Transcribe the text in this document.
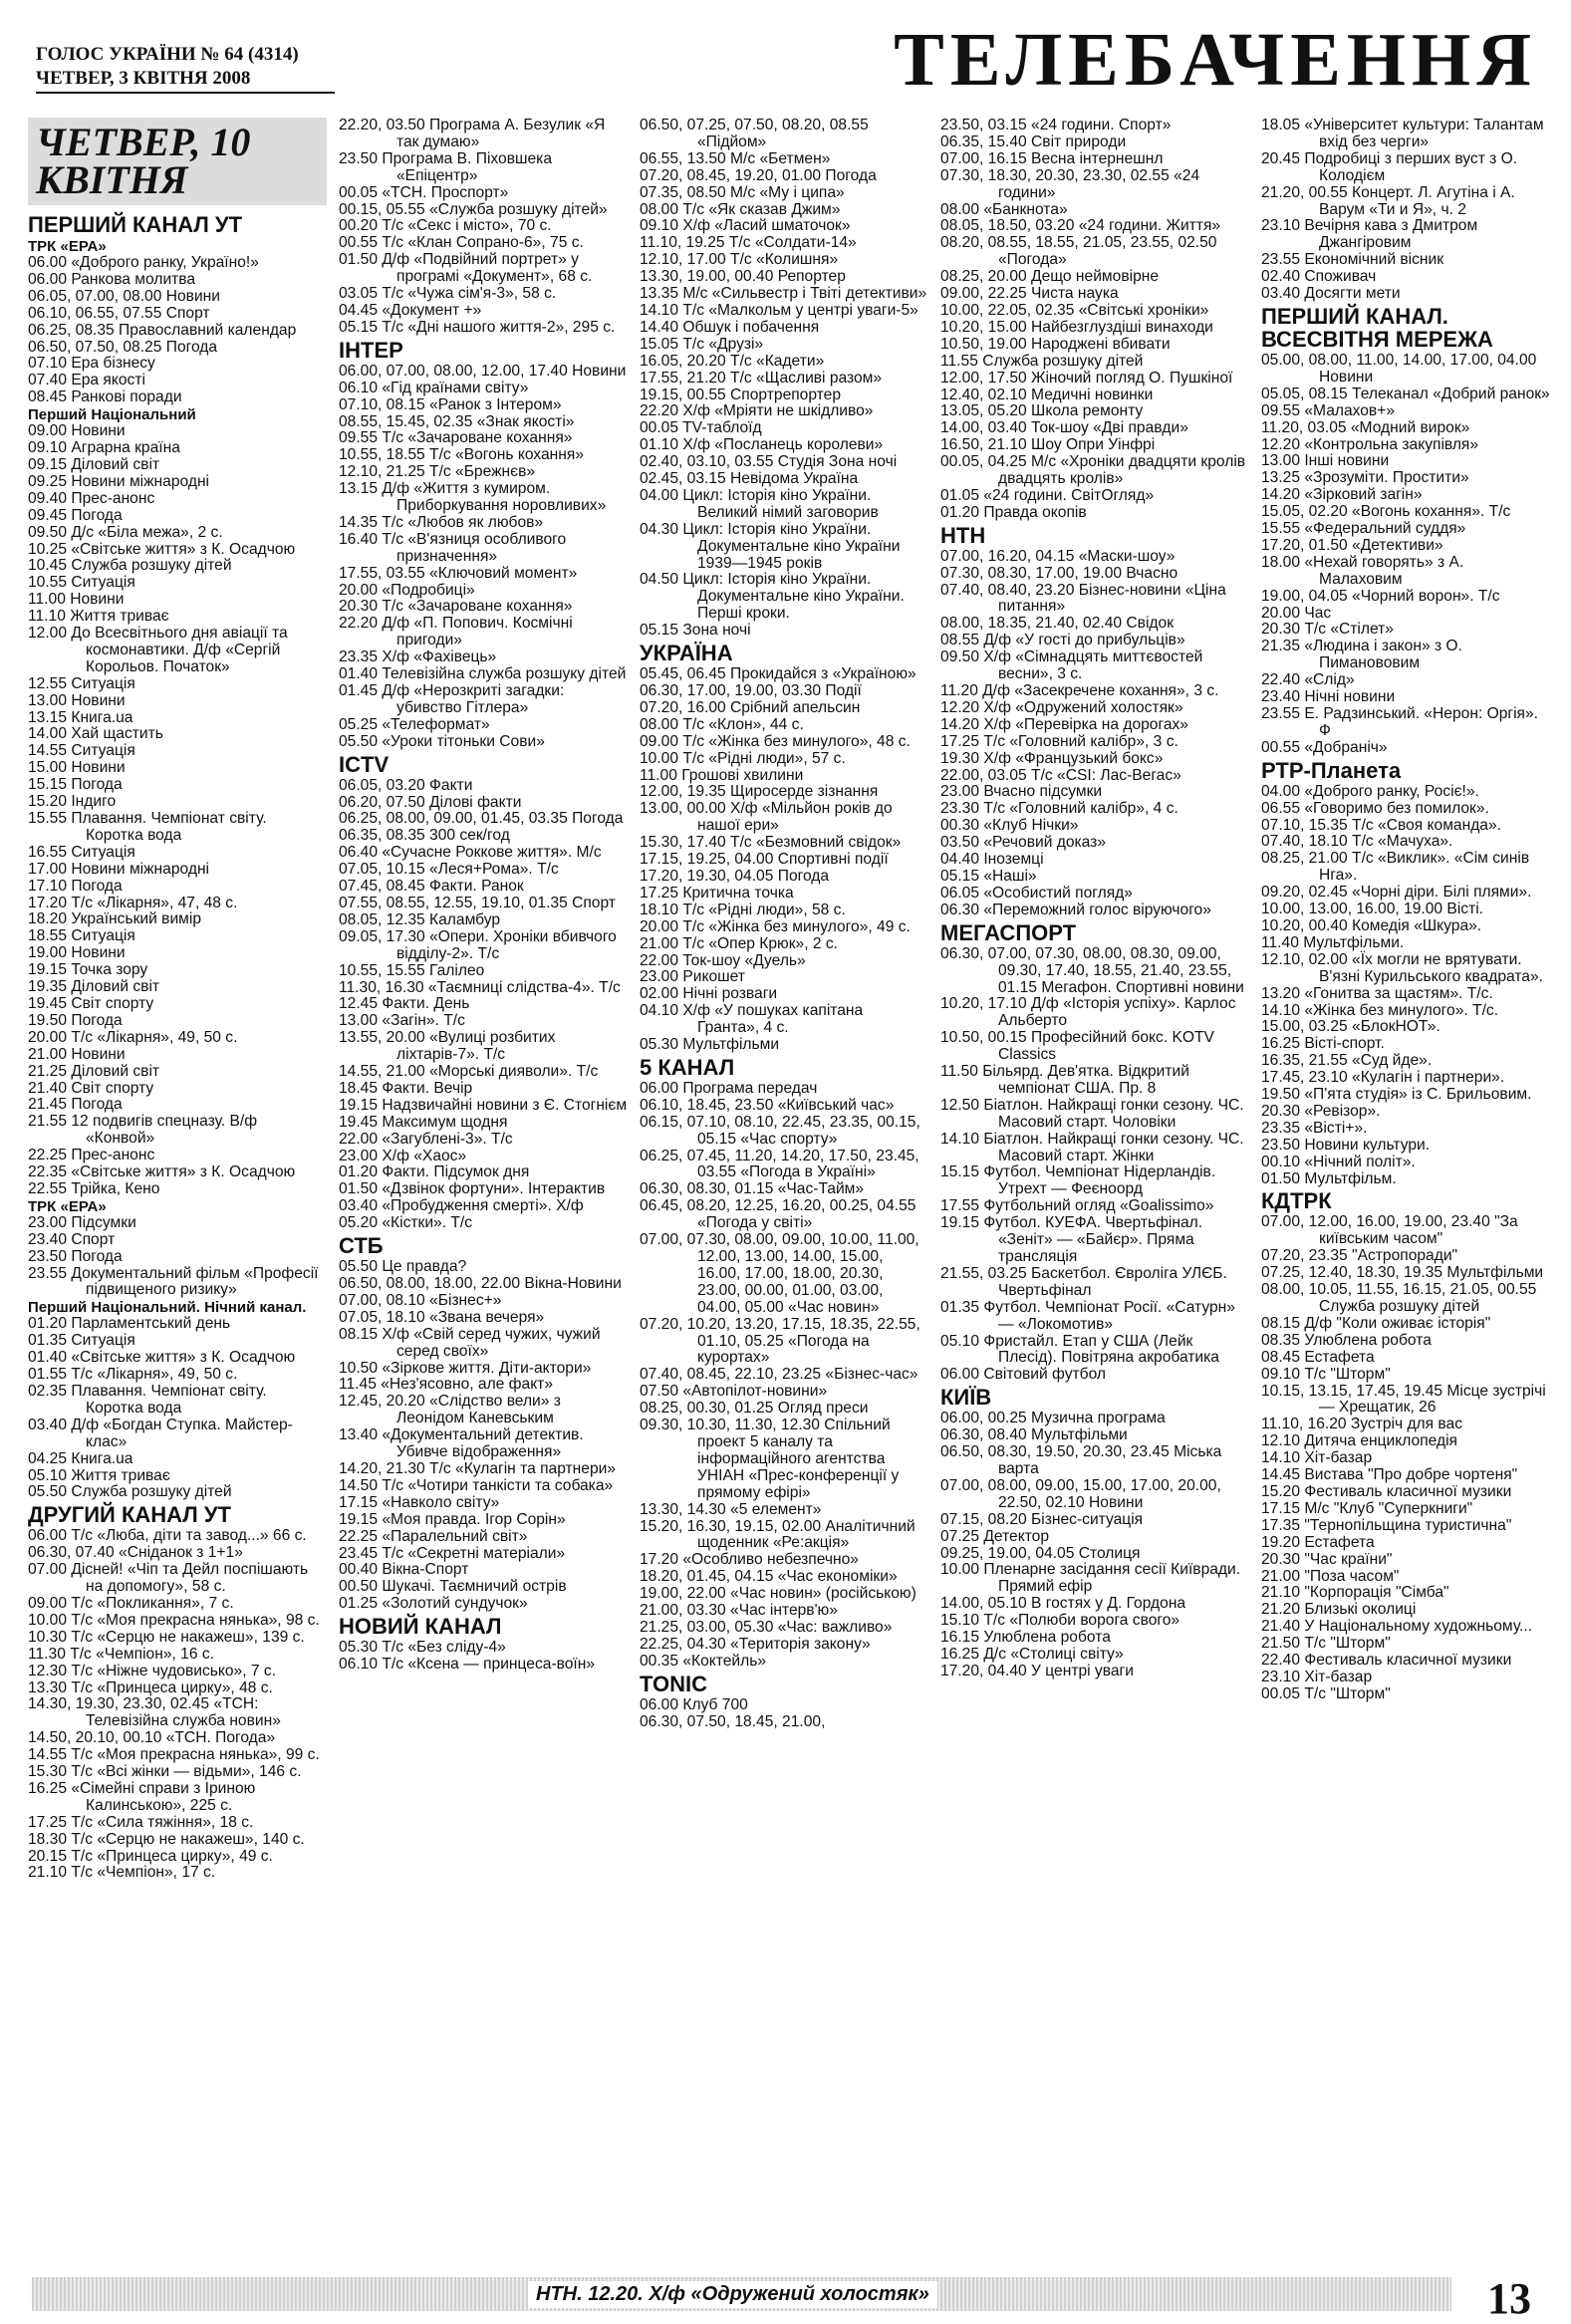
ГОЛОС УКРАЇНИ № 64 (4314)
ЧЕТВЕР, 3 КВІТНЯ 2008	ТЕЛЕБАЧЕННЯ
ЧЕТВЕР, 10 КВІТНЯ
ПЕРШИЙ КАНАЛ УТ
ТРК «ЕРА»
06.00 «Доброго ранку, Україно!»
06.00 Ранкова молитва
06.05, 07.00, 08.00 Новини
06.10, 06.55, 07.55 Спорт
06.25, 08.35 Православний календар
06.50, 07.50, 08.25 Погода
07.10 Ера бізнесу
07.40 Ера якості
08.45 Ранкові поради
Перший Національний
09.00 Новини
09.10 Аграрна країна
09.15 Діловий світ
09.25 Новини міжнародні
09.40 Прес-анонс
09.45 Погода
09.50 Д/с «Біла межа», 2 с.
10.25 «Світське життя» з К. Осадчою
10.45 Служба розшуку дітей
10.55 Ситуація
11.00 Новини
11.10 Життя триває
12.00 До Всесвітнього дня авіації та космонавтики. Д/ф «Сергій Корольов. Початок»
12.55 Ситуація
13.00 Новини
13.15 Книга.ua
14.00 Хай щастить
14.55 Ситуація
15.00 Новини
15.15 Погода
15.20 Індиго
15.55 Плавання. Чемпіонат світу. Коротка вода
16.55 Ситуація
17.00 Новини міжнародні
17.10 Погода
17.20 Т/с «Лікарня», 47, 48 с.
18.20 Український вимір
18.55 Ситуація
19.00 Новини
19.15 Точка зору
19.35 Діловий світ
19.45 Світ спорту
19.50 Погода
20.00 Т/с «Лікарня», 49, 50 с.
21.00 Новини
21.25 Діловий світ
21.40 Світ спорту
21.45 Погода
21.55 12 подвигів спецназу. В/ф «Конвой»
22.25 Прес-анонс
22.35 «Світське життя» з К. Осадчою
22.55 Трійка, Кено
ТРК «ЕРА»
23.00 Підсумки
23.40 Спорт
23.50 Погода
23.55 Документальний фільм «Професії підвищеного ризику»
Перший Національний. Нічний канал.
01.20 Парламентський день
01.35 Ситуація
01.40 «Світське життя» з К. Осадчою
01.55 Т/с «Лікарня», 49, 50 с.
02.35 Плавання. Чемпіонат світу. Коротка вода
03.40 Д/ф «Богдан Ступка. Майстер-клас»
04.25 Книга.ua
05.10 Життя триває
05.50 Служба розшуку дітей
ДРУГИЙ КАНАЛ УТ
06.00 Т/с «Люба, діти та завод...» 66 с.
06.30, 07.40 «Сніданок з 1+1»
07.00 Дісней! «Чіп та Дейл поспішають на допомогу», 58 с.
09.00 Т/с «Покликання», 7 с.
10.00 Т/с «Моя прекрасна нянька», 98 с.
10.30 Т/с «Серцю не накажеш», 139 с.
11.30 Т/с «Чемпіон», 16 с.
12.30 Т/с «Ніжне чудовисько», 7 с.
13.30 Т/с «Принцеса цирку», 48 с.
14.30, 19.30, 23.30, 02.45 «ТСН: Телевізійна служба новин»
14.50, 20.10, 00.10 «ТСН. Погода»
14.55 Т/с «Моя прекрасна нянька», 99 с.
15.30 Т/с «Всі жінки — відьми», 146 с.
16.25 «Сімейні справи з Іриною Калинською», 225 с.
17.25 Т/с «Сила тяжіння», 18 с.
18.30 Т/с «Серцю не накажеш», 140 с.
20.15 Т/с «Принцеса цирку», 49 с.
21.10 Т/с «Чемпіон», 17 с.
22.20, 03.50 Програма А. Безулик «Я так думаю»
23.50 Програма В. Піховшека «Епіцентр»
00.05 «ТСН. Проспорт»
00.15, 05.55 «Служба розшуку дітей»
00.20 Т/с «Секс і місто», 70 с.
00.55 Т/с «Клан Сопрано-6», 75 с.
01.50 Д/ф «Подвійний портрет» у програмі «Документ», 68 с.
03.05 Т/с «Чужа сім'я-3», 58 с.
04.45 «Документ +»
05.15 Т/с «Дні нашого життя-2», 295 с.
ІНТЕР
06.00, 07.00, 08.00, 12.00, 17.40 Новини
06.10 «Гід країнами світу»
07.10, 08.15 «Ранок з Інтером»
08.55, 15.45, 02.35 «Знак якості»
09.55 Т/с «Зачароване кохання»
10.55, 18.55 Т/с «Вогонь кохання»
12.10, 21.25 Т/с «Брежнєв»
13.15 Д/ф «Життя з кумиром. Приборкування норовливих»
14.35 Т/с «Любов як любов»
16.40 Т/с «В'язниця особливого призначення»
17.55, 03.55 «Ключовий момент»
20.00 «Подробиці»
20.30 Т/с «Зачароване кохання»
22.20 Д/ф «П. Попович. Космічні пригоди»
23.35 Х/ф «Фахівець»
01.40 Телевізійна служба розшуку дітей
01.45 Д/ф «Нерозкриті загадки: убивство Гітлера»
05.25 «Телеформат»
05.50 «Уроки тітоньки Сови»
ICTV
06.05, 03.20 Факти
06.20, 07.50 Ділові факти
06.25, 08.00, 09.00, 01.45, 03.35 Погода
06.35, 08.35 300 сек/год
06.40 «Сучасне Роккове життя». М/с
07.05, 10.15 «Леся+Рома». Т/с
07.45, 08.45 Факти. Ранок
07.55, 08.55, 12.55, 19.10, 01.35 Спорт
08.05, 12.35 Каламбур
09.05, 17.30 «Опери. Хроніки вбивчого відділу-2». Т/с
10.55, 15.55 Галілео
11.30, 16.30 «Таємниці слідства-4». Т/с
12.45 Факти. День
13.00 «Загін». Т/с
13.55, 20.00 «Вулиці розбитих ліхтарів-7». Т/с
14.55, 21.00 «Морські дияволи». Т/с
18.45 Факти. Вечір
19.15 Надзвичайні новини з Є. Стогнієм
19.45 Максимум щодня
22.00 «Загублені-3». Т/с
23.00 Х/ф «Хаос»
01.20 Факти. Підсумок дня
01.50 «Дзвінок фортуни». Інтерактив
03.40 «Пробудження смерті». Х/ф
05.20 «Кістки». Т/с
СТБ
05.50 Це правда?
06.50, 08.00, 18.00, 22.00 Вікна-Новини
07.00, 08.10 «Бізнес+»
07.05, 18.10 «Звана вечеря»
08.15 Х/ф «Свій серед чужих, чужий серед своїх»
10.50 «Зіркове життя. Діти-актори»
11.45 «Нез'ясовно, але факт»
12.45, 20.20 «Слідство вели» з Леонідом Каневським
13.40 «Документальний детектив. Убивче відображення»
14.20, 21.30 Т/с «Кулагін та партнери»
14.50 Т/с «Чотири танкісти та собака»
17.15 «Навколо світу»
19.15 «Моя правда. Ігор Сорін»
22.25 «Паралельний світ»
23.45 Т/с «Секретні матеріали»
00.40 Вікна-Спорт
00.50 Шукачі. Таємничий острів
01.25 «Золотий сундучок»
НОВИЙ КАНАЛ
05.30 Т/с «Без сліду-4»
06.10 Т/с «Ксена — принцеса-воїн»
06.50, 07.25, 07.50, 08.20, 08.55 «Підйом»
06.55, 13.50 М/с «Бетмен»
07.20, 08.45, 19.20, 01.00 Погода
07.35, 08.50 М/с «Му і ципа»
08.00 Т/с «Як сказав Джим»
09.10 Х/ф «Ласий шматочок»
11.10, 19.25 Т/с «Солдати-14»
12.10, 17.00 Т/с «Колишня»
13.30, 19.00, 00.40 Репортер
13.35 М/с «Сильвестр і Твіті детективи»
14.10 Т/с «Малкольм у центрі уваги-5»
14.40 Обшук і побачення
15.05 Т/с «Друзі»
16.05, 20.20 Т/с «Кадети»
17.55, 21.20 Т/с «Щасливі разом»
19.15, 00.55 Спортрепортер
22.20 Х/ф «Мріяти не шкідливо»
00.05 TV-таблоїд
01.10 Х/ф «Посланець королеви»
02.40, 03.10, 03.55 Студія Зона ночі
02.45, 03.15 Невідома Україна
04.00 Цикл: Історія кіно України. Великий німий заговорив
04.30 Цикл: Історія кіно України. Документальне кіно України 1939—1945 років
04.50 Цикл: Історія кіно України. Документальне кіно України. Перші кроки.
05.15 Зона ночі
УКРАЇНА
05.45, 06.45 Прокидайся з «Україною»
06.30, 17.00, 19.00, 03.30 Події
07.20, 16.00 Срібний апельсин
08.00 Т/с «Клон», 44 с.
09.00 Т/с «Жінка без минулого», 48 с.
10.00 Т/с «Рідні люди», 57 с.
11.00 Грошові хвилини
12.00, 19.35 Щиросерде зізнання
13.00, 00.00 Х/ф «Мільйон років до нашої ери»
15.30, 17.40 Т/с «Безмовний свідок»
17.15, 19.25, 04.00 Спортивні події
17.20, 19.30, 04.05 Погода
17.25 Критична точка
18.10 Т/с «Рідні люди», 58 с.
20.00 Т/с «Жінка без минулого», 49 с.
21.00 Т/с «Опер Крюк», 2 с.
22.00 Ток-шоу «Дуель»
23.00 Рикошет
02.00 Нічні розваги
04.10 Х/ф «У пошуках капітана Гранта», 4 с.
05.30 Мультфільми
5 КАНАЛ
06.00 Програма передач
06.10, 18.45, 23.50 «Київський час»
06.15, 07.10, 08.10, 22.45, 23.35, 00.15, 05.15 «Час спорту»
06.25, 07.45, 11.20, 14.20, 17.50, 23.45, 03.55 «Погода в Україні»
06.30, 08.30, 01.15 «Час-Тайм»
06.45, 08.20, 12.25, 16.20, 00.25, 04.55 «Погода у світі»
07.00, 07.30, 08.00, 09.00, 10.00, 11.00, 12.00, 13.00, 14.00, 15.00, 16.00, 17.00, 18.00, 20.30, 23.00, 00.00, 01.00, 03.00, 04.00, 05.00 «Час новин»
07.20, 10.20, 13.20, 17.15, 18.35, 22.55, 01.10, 05.25 «Погода на курортах»
07.40, 08.45, 22.10, 23.25 «Бізнес-час»
07.50 «Автопілот-новини»
08.25, 00.30, 01.25 Огляд преси
09.30, 10.30, 11.30, 12.30 Спільний проект 5 каналу та інформаційного агентства УНІАН «Прес-конференції у прямому ефірі»
13.30, 14.30 «5 елемент»
15.20, 16.30, 19.15, 02.00 Аналітичний щоденник «Ре:акція»
17.20 «Особливо небезпечно»
18.20, 01.45, 04.15 «Час економіки»
19.00, 22.00 «Час новин» (російською)
21.00, 03.30 «Час інтерв'ю»
21.25, 03.00, 05.30 «Час: важливо»
22.25, 04.30 «Територія закону»
00.35 «Коктейль»
TONIC
06.00 Клуб 700
06.30, 07.50, 18.45, 21.00,
23.50, 03.15 «24 години. Спорт»
06.35, 15.40 Світ природи
07.00, 16.15 Весна інтернешнл
07.30, 18.30, 20.30, 23.30, 02.55 «24 години»
08.00 «Банкнота»
08.05, 18.50, 03.20 «24 години. Життя»
08.20, 08.55, 18.55, 21.05, 23.55, 02.50 «Погода»
08.25, 20.00 Дещо неймовірне
09.00, 22.25 Чиста наука
10.00, 22.05, 02.35 «Світські хроніки»
10.20, 15.00 Найбезглуздіші винаходи
10.50, 19.00 Народжені вбивати
11.55 Служба розшуку дітей
12.00, 17.50 Жіночий погляд О. Пушкіної
12.40, 02.10 Медичні новинки
13.05, 05.20 Школа ремонту
14.00, 03.40 Ток-шоу «Дві правди»
16.50, 21.10 Шоу Опри Уінфрі
00.05, 04.25 М/с «Хроніки двадцяти кролів двадцять кролів»
01.05 «24 години. СвітОгляд»
01.20 Правда окопів
НТН
07.00, 16.20, 04.15 «Маски-шоу»
07.30, 08.30, 17.00, 19.00 Вчасно
07.40, 08.40, 23.20 Бізнес-новини «Ціна питання»
08.00, 18.35, 21.40, 02.40 Свідок
08.55 Д/ф «У гості до прибульців»
09.50 Х/ф «Сімнадцять миттєвостей весни», 3 с.
11.20 Д/ф «Засекречене кохання», 3 с.
12.20 Х/ф «Одружений холостяк»
14.20 Х/ф «Перевірка на дорогах»
17.25 Т/с «Головний калібр», 3 с.
19.30 Х/ф «Французький бокс»
22.00, 03.05 Т/с «CSI: Лас-Вегас»
23.00 Вчасно підсумки
23.30 Т/с «Головний калібр», 4 с.
00.30 «Клуб Нічки»
03.50 «Речовий доказ»
04.40 Іноземці
05.15 «Наші»
06.05 «Особистий погляд»
06.30 «Переможний голос віруючого»
МЕГАСПОРТ
06.30, 07.00, 07.30, 08.00, 08.30, 09.00, 09.30, 17.40, 18.55, 21.40, 23.55, 01.15 Мегафон. Спортивні новини
10.20, 17.10 Д/ф «Історія успіху». Карлос Альберто
10.50, 00.15 Професійний бокс. KOTV Classics
11.50 Більярд. Дев'ятка. Відкритий чемпіонат США. Пр. 8
12.50 Біатлон. Найкращі гонки сезону. ЧС. Масовий старт. Чоловіки
14.10 Біатлон. Найкращі гонки сезону. ЧС. Масовий старт. Жінки
15.15 Футбол. Чемпіонат Нідерландів. Утрехт — Феєноорд
17.55 Футбольний огляд «Goalissimo»
19.15 Футбол. КУЕФА. Чвертьфінал. «Зеніт» — «Байєр». Пряма трансляція
21.55, 03.25 Баскетбол. Євроліга УЛЄБ. Чвертьфінал
01.35 Футбол. Чемпіонат Росії. «Сатурн» — «Локомотив»
05.10 Фристайл. Етап у США (Лейк Плесід). Повітряна акробатика
06.00 Світовий футбол
КИЇВ
06.00, 00.25 Музична програма
06.30, 08.40 Мультфільми
06.50, 08.30, 19.50, 20.30, 23.45 Міська варта
07.00, 08.00, 09.00, 15.00, 17.00, 20.00, 22.50, 02.10 Новини
07.15, 08.20 Бізнес-ситуація
07.25 Детектор
09.25, 19.00, 04.05 Столиця
10.00 Пленарне засідання сесії Київради. Прямий ефір
14.00, 05.10 В гостях у Д. Гордона
15.10 Т/с «Полюби ворога свого»
16.15 Улюблена робота
16.25 Д/с «Столиці світу»
17.20, 04.40 У центрі уваги
18.05 «Університет культури: Талантам вхід без черги»
20.45 Подробиці з перших вуст з О. Колодієм
21.20, 00.55 Концерт. Л. Агутіна і А. Варум «Ти и Я», ч. 2
23.10 Вечірня кава з Дмитром Джангіровим
23.55 Економічний вісник
02.40 Споживач
03.40 Досягти мети
ПЕРШИЙ КАНАЛ. ВСЕСВІТНЯ МЕРЕЖА
05.00, 08.00, 11.00, 14.00, 17.00, 04.00 Новини
05.05, 08.15 Телеканал «Добрий ранок»
09.55 «Малахов+»
11.20, 03.05 «Модний вирок»
12.20 «Контрольна закупівля»
13.00 Інші новини
13.25 «Зрозуміти. Простити»
14.20 «Зірковий загін»
15.05, 02.20 «Вогонь кохання». Т/с
15.55 «Федеральний суддя»
17.20, 01.50 «Детективи»
18.00 «Нехай говорять» з А. Малаховим
19.00, 04.05 «Чорний ворон». Т/с
20.00 Час
20.30 Т/с «Стілет»
21.35 «Людина і закон» з О. Пиманововим
22.40 «Слід»
23.40 Нічні новини
23.55 Е. Радзинський. «Нерон: Оргія». Ф
00.55 «Добраніч»
РТР-Планета
04.00 «Доброго ранку, Росіє!».
06.55 «Говоримо без помилок».
07.10, 15.35 Т/с «Своя команда».
07.40, 18.10 Т/с «Мачуха».
08.25, 21.00 Т/с «Виклик». «Сім синів Нга».
09.20, 02.45 «Чорні діри. Білі плями».
10.00, 13.00, 16.00, 19.00 Вісті.
10.20, 00.40 Комедія «Шкура».
11.40 Мультфільми.
12.10, 02.00 «Їх могли не врятувати. В'язні Курильського квадрата».
13.20 «Гонитва за щастям». Т/с.
14.10 «Жінка без минулого». Т/с.
15.00, 03.25 «БлокНОТ».
16.25 Вісті-спорт.
16.35, 21.55 «Суд йде».
17.45, 23.10 «Кулагін і партнери».
19.50 «П'ята студія» із С. Брильовим.
20.30 «Ревізор».
23.35 «Вісті+».
23.50 Новини культури.
00.10 «Нічний політ».
01.50 Мультфільм.
КДТРК
07.00, 12.00, 16.00, 19.00, 23.40 "За київським часом"
07.20, 23.35 "Астропоради"
07.25, 12.40, 18.30, 19.35 Мультфільми
08.00, 10.05, 11.55, 16.15, 21.05, 00.55 Служба розшуку дітей
08.15 Д/ф "Коли оживає історія"
08.35 Улюблена робота
08.45 Естафета
09.10 Т/с "Шторм"
10.15, 13.15, 17.45, 19.45 Місце зустрічі — Хрещатик, 26
11.10, 16.20 Зустріч для вас
12.10 Дитяча енциклопедія
14.10 Хіт-базар
14.45 Вистава "Про добре чортеня"
15.20 Фестиваль класичної музики
17.15 М/с "Клуб "Суперкниги"
17.35 "Тернопільщина туристична"
19.20 Естафета
20.30 "Час країни"
21.00 "Поза часом"
21.10 "Корпорація "Сімба"
21.20 Близькі околиці
21.40 У Національному художньому...
21.50 Т/с "Шторм"
22.40 Фестиваль класичної музики
23.10 Хіт-базар
00.05 Т/с "Шторм"
НТН. 12.20. Х/ф «Одружений холостяк»	13
